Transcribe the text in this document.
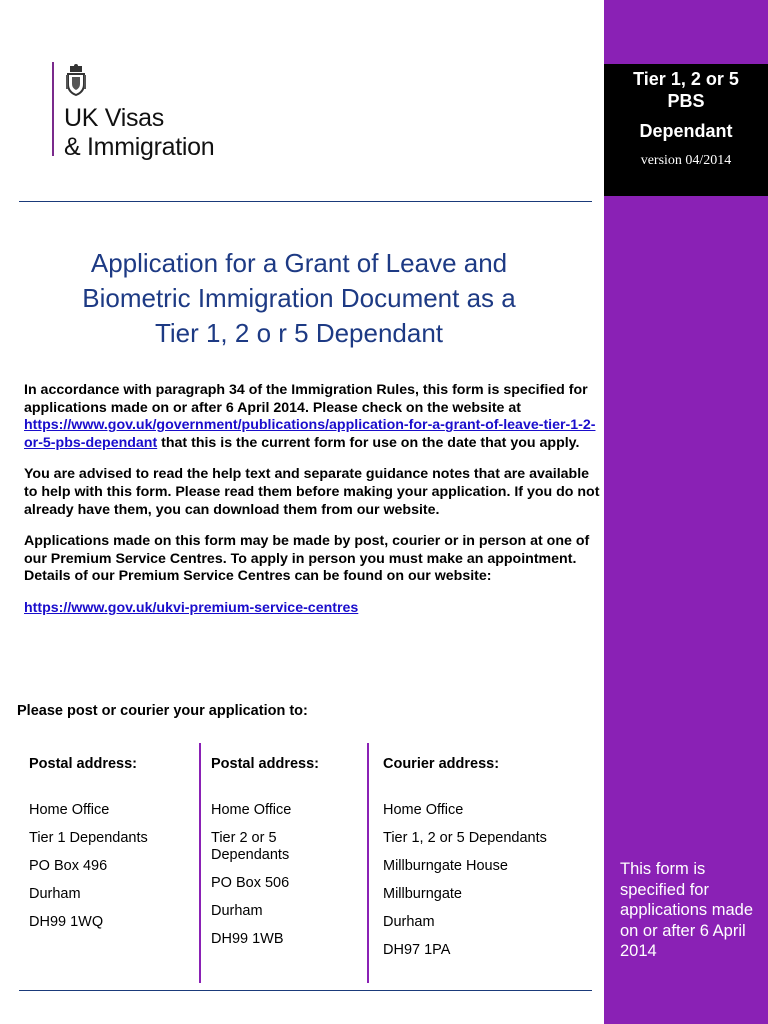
UK Visas
& Immigration
Application for a Grant of Leave and
Biometric Immigration Document as a
Tier 1, 2 o r 5 Dependant

In accordance with paragraph 34 of the Immigration Rules, this form is specified for applications made on or after 6 April 2014. Please check on the website at https://www.gov.uk/government/publications/application-for-a-grant-of-leave-tier-1-2-or-5-pbs-dependant that this is the current form for use on the date that you apply.

You are advised to read the help text and separate guidance notes that are available to help with this form. Please read them before making your application. If you do not already have them, you can download them from our website.

Applications made on this form may be made by post, courier or in person at one of our Premium Service Centres. To apply in person you must make an appointment. Details of our Premium Service Centres can be found on our website:

https://www.gov.uk/ukvi-premium-service-centres

Please post or courier your application to:
Postal address:
Home Office
Tier 1 Dependants
PO Box 496
Durham
DH99 1WQ
Postal address:
Home Office
Tier 2 or 5 Dependants
PO Box 506
Durham
DH99 1WB
Courier address:
Home Office
Tier 1, 2 or 5 Dependants
Millburngate House
Millburngate
Durham
DH97 1PA
Tier 1, 2 or 5
PBS
Dependant
version 04/2014
This form is specified for applications made on or after 6 April 2014
